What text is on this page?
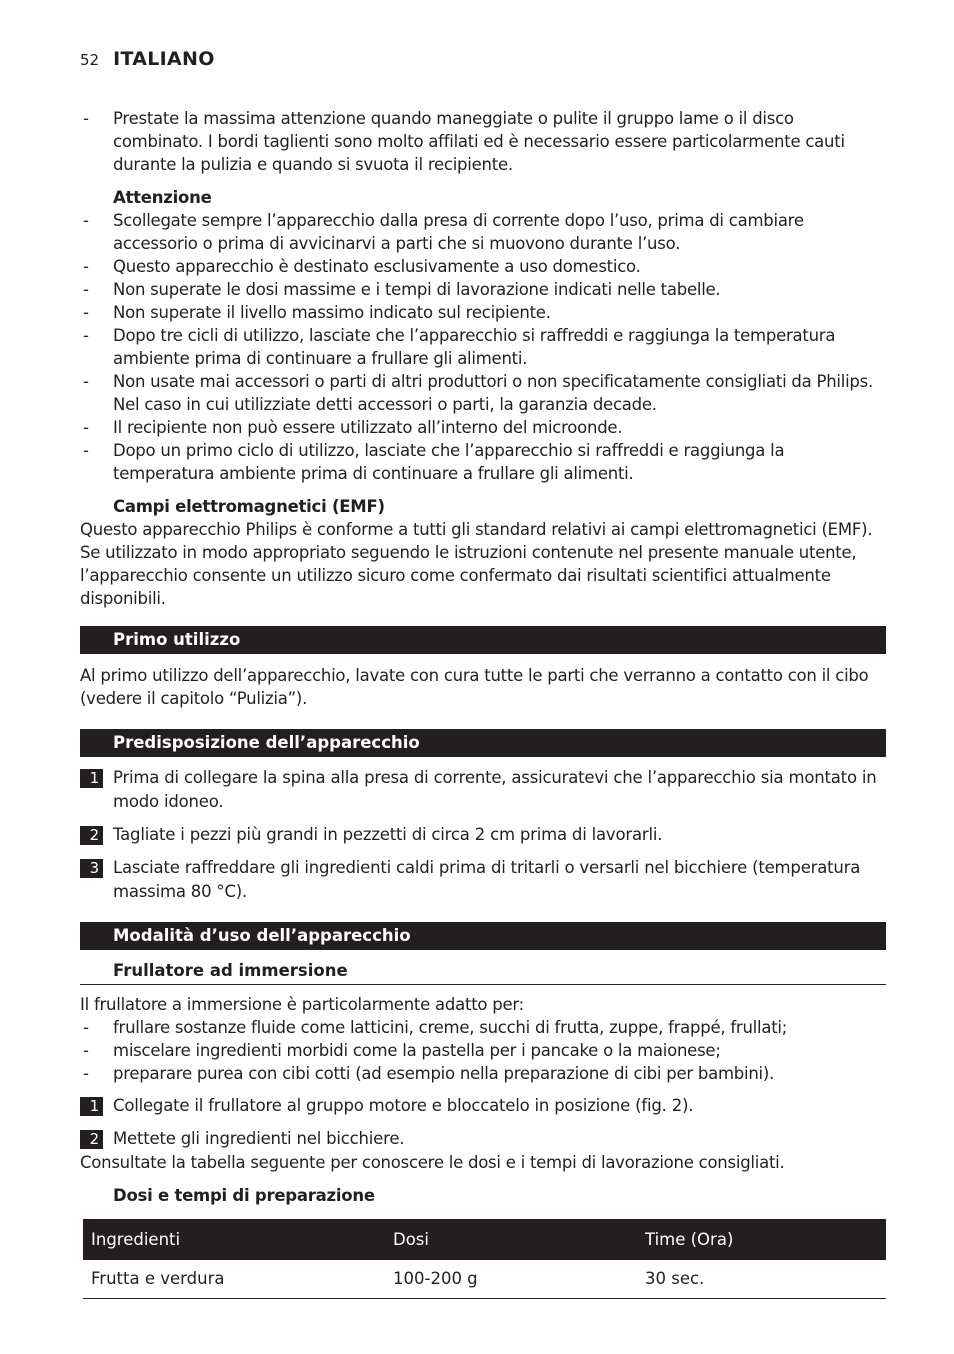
52 ITALIANO
- Prestate la massima attenzione quando maneggiate o pulite il gruppo lame o il disco combinato. I bordi taglienti sono molto affilati ed è necessario essere particolarmente cauti durante la pulizia e quando si svuota il recipiente.
Attenzione
- Scollegate sempre l’apparecchio dalla presa di corrente dopo l’uso, prima di cambiare accessorio o prima di avvicinarvi a parti che si muovono durante l’uso.
- Questo apparecchio è destinato esclusivamente a uso domestico.
- Non superate le dosi massime e i tempi di lavorazione indicati nelle tabelle.
- Non superate il livello massimo indicato sul recipiente.
- Dopo tre cicli di utilizzo, lasciate che l’apparecchio si raffreddi e raggiunga la temperatura ambiente prima di continuare a frullare gli alimenti.
- Non usate mai accessori o parti di altri produttori o non specificatamente consigliati da Philips. Nel caso in cui utilizziate detti accessori o parti, la garanzia decade.
- Il recipiente non può essere utilizzato all’interno del microonde.
- Dopo un primo ciclo di utilizzo, lasciate che l’apparecchio si raffreddi e raggiunga la temperatura ambiente prima di continuare a frullare gli alimenti.
Campi elettromagnetici (EMF)
Questo apparecchio Philips è conforme a tutti gli standard relativi ai campi elettromagnetici (EMF). Se utilizzato in modo appropriato seguendo le istruzioni contenute nel presente manuale utente, l’apparecchio consente un utilizzo sicuro come confermato dai risultati scientifici attualmente disponibili.
Primo utilizzo
Al primo utilizzo dell’apparecchio, lavate con cura tutte le parti che verranno a contatto con il cibo (vedere il capitolo “Pulizia”).
Predisposizione dell’apparecchio
1 Prima di collegare la spina alla presa di corrente, assicuratevi che l’apparecchio sia montato in modo idoneo.
2 Tagliate i pezzi più grandi in pezzetti di circa 2 cm prima di lavorarli.
3 Lasciate raffreddare gli ingredienti caldi prima di tritarli o versarli nel bicchiere (temperatura massima 80 °C).
Modalità d’uso dell’apparecchio
Frullatore ad immersione
Il frullatore a immersione è particolarmente adatto per:
- frullare sostanze fluide come latticini, creme, succhi di frutta, zuppe, frappé, frullati;
- miscelare ingredienti morbidi come la pastella per i pancake o la maionese;
- preparare purea con cibi cotti (ad esempio nella preparazione di cibi per bambini).
1 Collegate il frullatore al gruppo motore e bloccatelo in posizione (fig. 2).
2 Mettete gli ingredienti nel bicchiere.
Consultate la tabella seguente per conoscere le dosi e i tempi di lavorazione consigliati.
Dosi e tempi di preparazione
Ingredienti	Dosi	Time (Ora)
Frutta e verdura	100-200 g	30 sec.
